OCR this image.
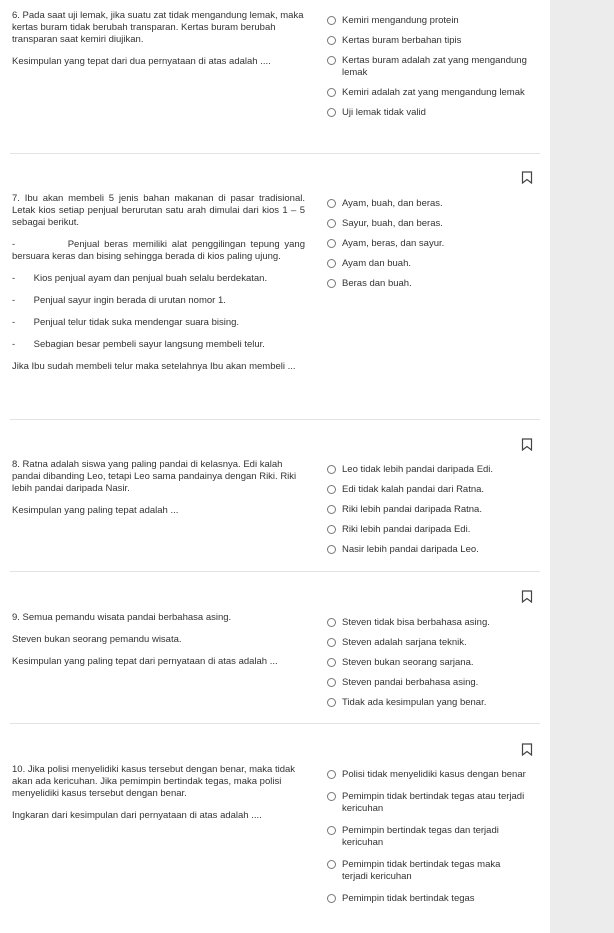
6. Pada saat uji lemak, jika suatu zat tidak mengandung lemak, maka kertas buram tidak berubah transparan. Kertas buram berubah transparan saat kemiri diujikan.

Kesimpulan yang tepat dari dua pernyataan di atas adalah ....

Kemiri mengandung protein
Kertas buram berbahan tipis
Kertas buram adalah zat yang mengandung lemak
Kemiri adalah zat yang mengandung lemak
Uji lemak tidak valid

7. Ibu akan membeli 5 jenis bahan makanan di pasar tradisional. Letak kios setiap penjual berurutan satu arah dimulai dari kios 1 – 5 sebagai berikut.

-           Penjual beras memiliki alat penggilingan tepung yang bersuara keras dan bising sehingga berada di kios paling ujung.

-       Kios penjual ayam dan penjual buah selalu berdekatan.

-       Penjual sayur ingin berada di urutan nomor 1.

-       Penjual telur tidak suka mendengar suara bising.

-       Sebagian besar pembeli sayur langsung membeli telur.

Jika Ibu sudah membeli telur maka setelahnya Ibu akan membeli ...

Ayam, buah, dan beras.
Sayur, buah, dan beras.
Ayam, beras, dan sayur.
Ayam dan buah.
Beras dan buah.

8. Ratna adalah siswa yang paling pandai di kelasnya. Edi kalah pandai dibanding Leo, tetapi Leo sama pandainya dengan Riki. Riki lebih pandai daripada Nasir.

Kesimpulan yang paling tepat adalah ...

Leo tidak lebih pandai daripada Edi.
Edi tidak kalah pandai dari Ratna.
Riki lebih pandai daripada Ratna.
Riki lebih pandai daripada Edi.
Nasir lebih pandai daripada Leo.

9. Semua pemandu wisata pandai berbahasa asing.

Steven bukan seorang pemandu wisata.

Kesimpulan yang paling tepat dari pernyataan di atas adalah ...

Steven tidak bisa berbahasa asing.
Steven adalah sarjana teknik.
Steven bukan seorang sarjana.
Steven pandai berbahasa asing.
Tidak ada kesimpulan yang benar.

10. Jika polisi menyelidiki kasus tersebut dengan benar, maka tidak akan ada kericuhan. Jika pemimpin bertindak tegas, maka polisi menyelidiki kasus tersebut dengan benar.

Ingkaran dari kesimpulan dari pernyataan di atas adalah ....

Polisi tidak menyelidiki kasus dengan benar
Pemimpin tidak bertindak tegas atau terjadi kericuhan
Pemimpin bertindak tegas dan terjadi kericuhan
Pemimpin tidak bertindak tegas maka terjadi kericuhan
Pemimpin tidak bertindak tegas
